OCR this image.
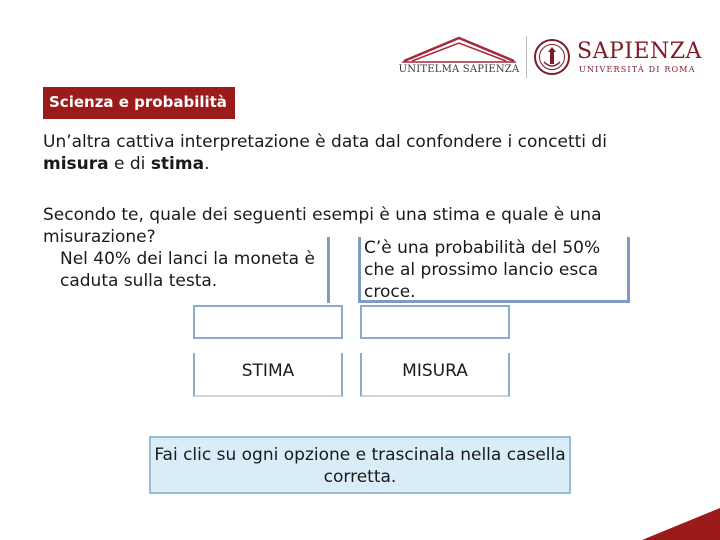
UNITELMA SAPIENZA
SAPIENZA
UNIVERSITÀ DI ROMA
Scienza e probabilità

Un’altra cattiva interpretazione è data dal confondere i concetti di misura e di stima.

Secondo te, quale dei seguenti esempi è una stima e quale è una misurazione?

Nel 40% dei lanci la moneta è caduta sulla testa.
C’è una probabilità del 50% che al prossimo lancio esca croce.
STIMA	MISURA
Fai clic su ogni opzione e trascinala nella casella corretta.
